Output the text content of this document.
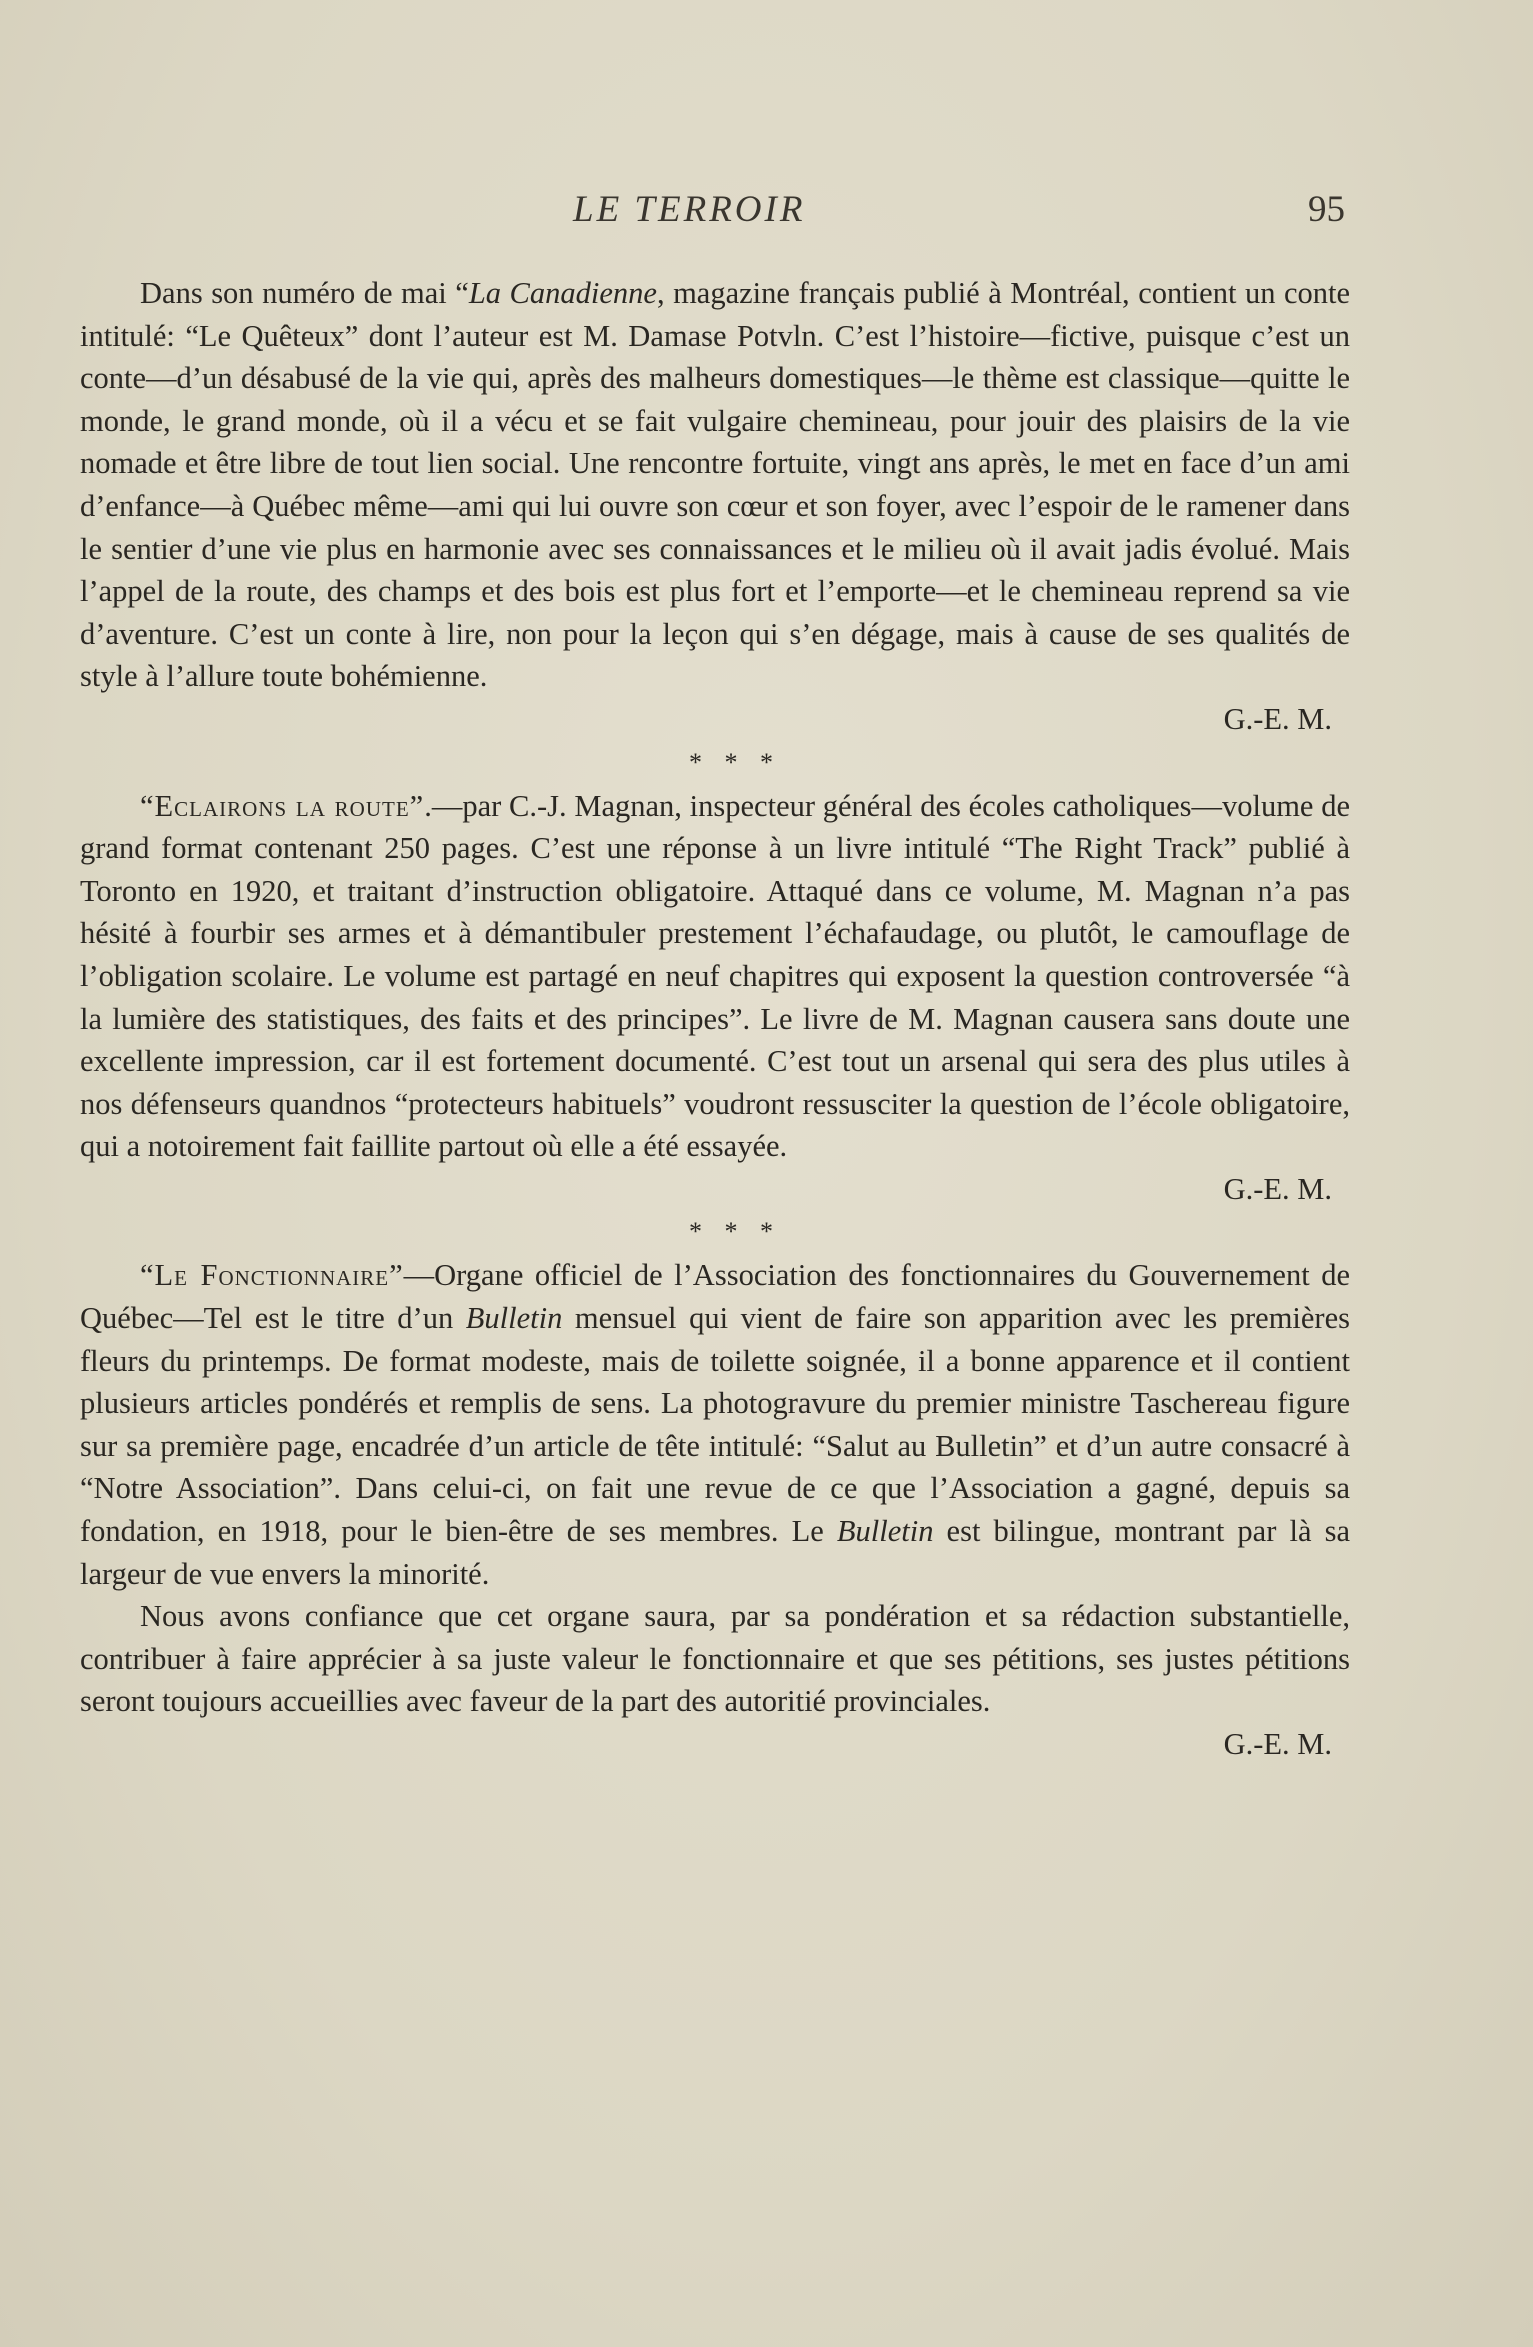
LE TERROIR	95

Dans son numéro de mai “La Canadienne, magazine français publié à Montréal, contient un conte intitulé: “Le Quêteux” dont l’auteur est M. Damase Potvln. C’est l’histoire—fictive, puisque c’est un conte—d’un désabusé de la vie qui, après des malheurs domestiques—le thème est classique—quitte le monde, le grand monde, où il a vécu et se fait vulgaire chemineau, pour jouir des plaisirs de la vie nomade et être libre de tout lien social. Une rencontre fortuite, vingt ans après, le met en face d’un ami d’enfance—à Québec même—ami qui lui ouvre son cœur et son foyer, avec l’espoir de le ramener dans le sentier d’une vie plus en harmonie avec ses connaissances et le milieu où il avait jadis évolué. Mais l’appel de la route, des champs et des bois est plus fort et l’emporte—et le chemineau reprend sa vie d’aventure. C’est un conte à lire, non pour la leçon qui s’en dégage, mais à cause de ses qualités de style à l’allure toute bohémienne.

G.-E. M.

* * *

“Eclairons la route”.—par C.-J. Magnan, inspecteur général des écoles catholiques—volume de grand format contenant 250 pages. C’est une réponse à un livre intitulé “The Right Track” publié à Toronto en 1920, et traitant d’instruction obligatoire. Attaqué dans ce volume, M. Magnan n’a pas hésité à fourbir ses armes et à démantibuler prestement l’échafaudage, ou plutôt, le camouflage de l’obligation scolaire. Le volume est partagé en neuf chapitres qui exposent la question controversée “à la lumière des statistiques, des faits et des principes”. Le livre de M. Magnan causera sans doute une excellente impression, car il est fortement documenté. C’est tout un arsenal qui sera des plus utiles à nos défenseurs quandnos “protecteurs habituels” voudront ressusciter la question de l’école obligatoire, qui a notoirement fait faillite partout où elle a été essayée.

G.-E. M.

* * *

“Le Fonctionnaire”—Organe officiel de l’Association des fonctionnaires du Gouvernement de Québec—Tel est le titre d’un Bulletin mensuel qui vient de faire son apparition avec les premières fleurs du printemps. De format modeste, mais de toilette soignée, il a bonne apparence et il contient plusieurs articles pondérés et remplis de sens. La photogravure du premier ministre Taschereau figure sur sa première page, encadrée d’un article de tête intitulé: “Salut au Bulletin” et d’un autre consacré à “Notre Association”. Dans celui-ci, on fait une revue de ce que l’Association a gagné, depuis sa fondation, en 1918, pour le bien-être de ses membres. Le Bulletin est bilingue, montrant par là sa largeur de vue envers la minorité.

Nous avons confiance que cet organe saura, par sa pondération et sa rédaction substantielle, contribuer à faire apprécier à sa juste valeur le fonctionnaire et que ses pétitions, ses justes pétitions seront toujours accueillies avec faveur de la part des autoritié provinciales.

G.-E. M.
